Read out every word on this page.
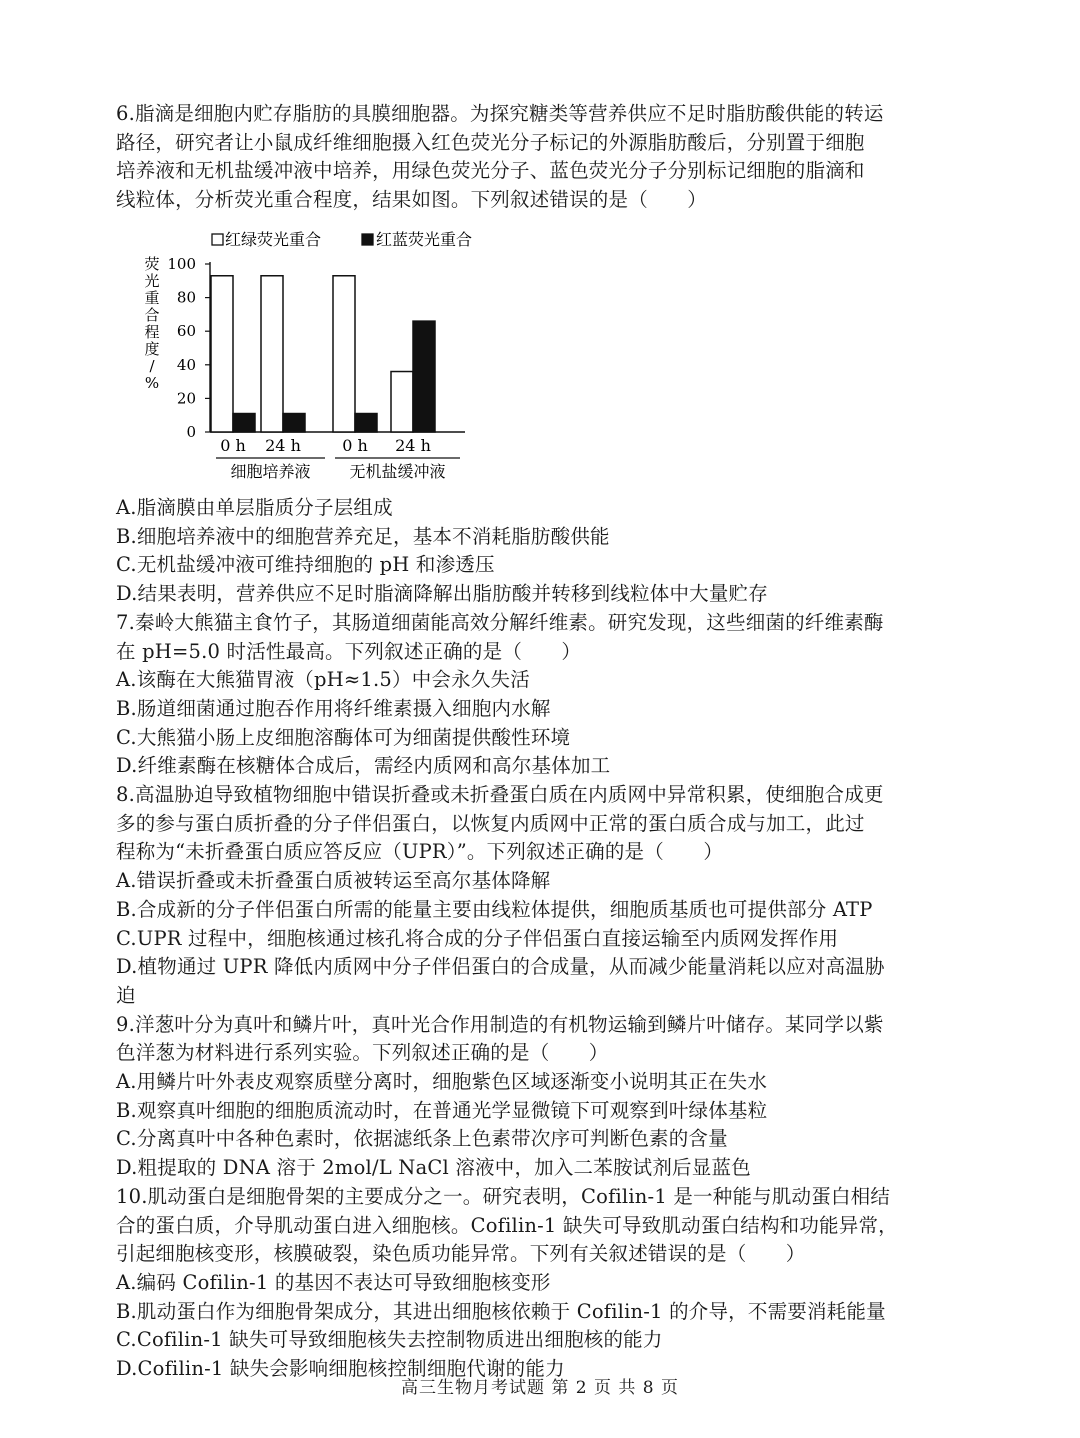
6.脂滴是细胞内贮存脂肪的具膜细胞器。为探究糖类等营养供应不足时脂肪酸供能的转运
路径，研究者让小鼠成纤维细胞摄入红色荧光分子标记的外源脂肪酸后，分别置于细胞
培养液和无机盐缓冲液中培养，用绿色荧光分子、蓝色荧光分子分别标记细胞的脂滴和
线粒体，分析荧光重合程度，结果如图。下列叙述错误的是（　　）
红绿荧光重合	红蓝荧光重合
荧
光
重
合
程
度
/
%
0
20
40
60
80
100
0 h 24 h	0 h 24 h
细胞培养液 无机盐缓冲液
A.脂滴膜由单层脂质分子层组成
B.细胞培养液中的细胞营养充足，基本不消耗脂肪酸供能
C.无机盐缓冲液可维持细胞的 pH 和渗透压
D.结果表明，营养供应不足时脂滴降解出脂肪酸并转移到线粒体中大量贮存
7.秦岭大熊猫主食竹子，其肠道细菌能高效分解纤维素。研究发现，这些细菌的纤维素酶
在 pH=5.0 时活性最高。下列叙述正确的是（　　）
A.该酶在大熊猫胃液（pH≈1.5）中会永久失活
B.肠道细菌通过胞吞作用将纤维素摄入细胞内水解
C.大熊猫小肠上皮细胞溶酶体可为细菌提供酸性环境
D.纤维素酶在核糖体合成后，需经内质网和高尔基体加工
8.高温胁迫导致植物细胞中错误折叠或未折叠蛋白质在内质网中异常积累，使细胞合成更
多的参与蛋白质折叠的分子伴侣蛋白，以恢复内质网中正常的蛋白质合成与加工，此过
程称为“未折叠蛋白质应答反应（UPR）”。下列叙述正确的是（　　）
A.错误折叠或未折叠蛋白质被转运至高尔基体降解
B.合成新的分子伴侣蛋白所需的能量主要由线粒体提供，细胞质基质也可提供部分 ATP
C.UPR 过程中，细胞核通过核孔将合成的分子伴侣蛋白直接运输至内质网发挥作用
D.植物通过 UPR 降低内质网中分子伴侣蛋白的合成量，从而减少能量消耗以应对高温胁
迫
9.洋葱叶分为真叶和鳞片叶，真叶光合作用制造的有机物运输到鳞片叶储存。某同学以紫
色洋葱为材料进行系列实验。下列叙述正确的是（　　）
A.用鳞片叶外表皮观察质壁分离时，细胞紫色区域逐渐变小说明其正在失水
B.观察真叶细胞的细胞质流动时，在普通光学显微镜下可观察到叶绿体基粒
C.分离真叶中各种色素时，依据滤纸条上色素带次序可判断色素的含量
D.粗提取的 DNA 溶于 2mol/L NaCl 溶液中，加入二苯胺试剂后显蓝色
10.肌动蛋白是细胞骨架的主要成分之一。研究表明，Cofilin-1 是一种能与肌动蛋白相结
合的蛋白质，介导肌动蛋白进入细胞核。Cofilin-1 缺失可导致肌动蛋白结构和功能异常，
引起细胞核变形，核膜破裂，染色质功能异常。下列有关叙述错误的是（　　）
A.编码 Cofilin-1 的基因不表达可导致细胞核变形
B.肌动蛋白作为细胞骨架成分，其进出细胞核依赖于 Cofilin-1 的介导，不需要消耗能量
C.Cofilin-1 缺失可导致细胞核失去控制物质进出细胞核的能力
D.Cofilin-1 缺失会影响细胞核控制细胞代谢的能力
高三生物月考试题 第 2 页 共 8 页
